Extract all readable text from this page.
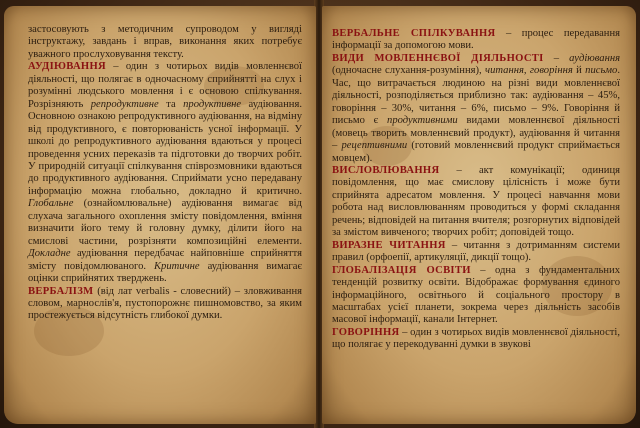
застосовують з методичним супроводом у вигляді інструктажу, завдань і вправ, виконання яких потребує уважного прослуховування тексту.

АУДІЮВАННЯ – один з чотирьох видів мовленнєвої діяльності, що полягає в одночасному сприйнятті на слух і розумінні людського мовлення і є основою спілкування. Розрізняють репродуктивне та продуктивне аудіювання. Основною ознакою репродуктивного аудіювання, на відміну від продуктивного, є повторюваність усної інформації. У школі до репродуктивного аудіювання вдаються у процесі проведення усних переказів та підготовки до творчих робіт. У природній ситуації спілкування співрозмовники вдаються до продуктивного аудіювання. Сприймати усно передавану інформацію можна глобально, докладно й критично. Глобальне (ознайомлювальне) аудіювання вимагає від слухача загального охоплення змісту повідомлення, вміння визначити його тему й головну думку, ділити його на смислові частини, розрізняти композиційні елементи. Докладне аудіювання передбачає найповніше сприйняття змісту повідомлюваного. Критичне аудіювання вимагає оцінки сприйнятих тверджень.

ВЕРБАЛІЗМ (від лат verbalis - словесний) – зловживання словом, марнослів'я, пустопорожнє пишномовство, за яким простежується відсутність глибокої думки.

ВЕРБАЛЬНЕ СПІЛКУВАННЯ – процес передавання інформації за допомогою мови.

ВИДИ МОВЛЕННЄВОЇ ДІЯЛЬНОСТІ – аудіювання (одночасне слухання-розуміння), читання, говоріння й письмо. Час, що витрачається людиною на різні види мовленнєвої діяльності, розподіляється приблизно так: аудіювання – 45%, говоріння – 30%, читання – 6%, письмо – 9%. Говоріння й письмо є продуктивними видами мовленнєвої діяльності (мовець творить мовленнєвий продукт), аудіювання й читання – рецептивними (готовий мовленнєвий продукт сприймається мовцем).

ВИСЛОВЛЮВАННЯ – акт комунікації; одиниця повідомлення, що має смислову цілісність і може бути сприйнята адресатом мовлення. У процесі навчання мови робота над висловлюванням проводиться у формі складання речень; відповідей на питання вчителя; розгорнутих відповідей за змістом вивченого; творчих робіт; доповідей тощо.

ВИРАЗНЕ ЧИТАННЯ – читання з дотриманням системи правил (орфоепії, артикуляції, дикції тощо).

ГЛОБАЛІЗАЦІЯ ОСВІТИ – одна з фундаментальних тенденцій розвитку освіти. Відображає формування єдиного інформаційного, освітнього й соціального простору в масштабах усієї планети, зокрема через діяльність засобів масової інформації, канали Інтернет.

ГОВОРІННЯ – один з чотирьох видів мовленнєвої діяльності, що полягає у перекодуванні думки в звукові
